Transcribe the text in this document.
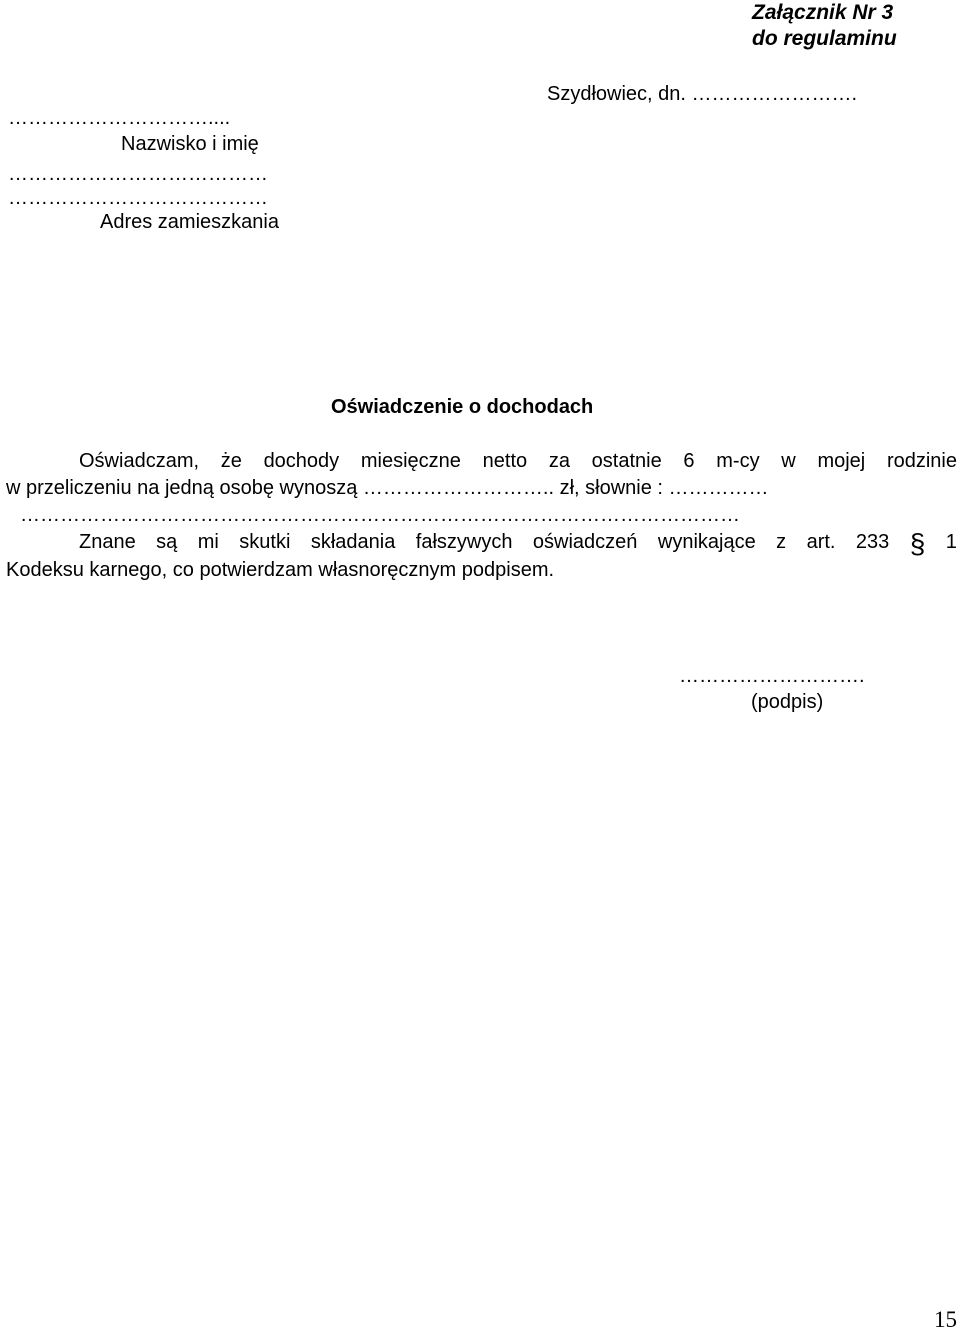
Załącznik Nr 3
do regulaminu
Szydłowiec, dn. …………………….
…………………………....
Nazwisko i imię
…………………………………
…………………………………
Adres zamieszkania
Oświadczenie o dochodach
Oświadczam, że dochody miesięczne netto za ostatnie 6 m-cy w mojej rodzinie
w przeliczeniu na jedną osobę wynoszą ……………………….. zł, słownie : ……………
………………………………………………………………………………………………
Znane są mi skutki składania fałszywych oświadczeń wynikające z art. 233 § 1
Kodeksu karnego, co potwierdzam własnoręcznym podpisem.
……………………….
(podpis)
15
